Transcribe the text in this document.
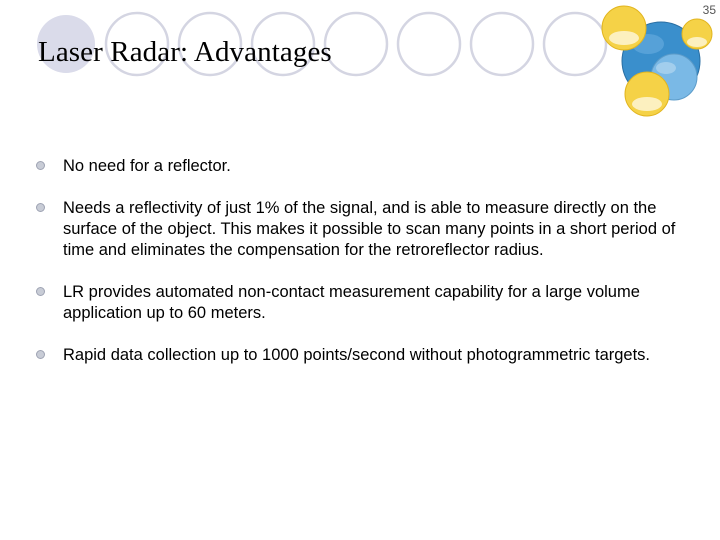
35
Laser Radar: Advantages
No need for a reflector.
Needs a reflectivity of just 1% of the signal, and is able to measure directly on the surface of the object. This makes it possible to scan many points in a short period of time and eliminates the compensation for the retroreflector radius.
LR provides automated non-contact measurement capability for a large volume application up to 60 meters.
Rapid data collection up to 1000 points/second without photogrammetric targets.
